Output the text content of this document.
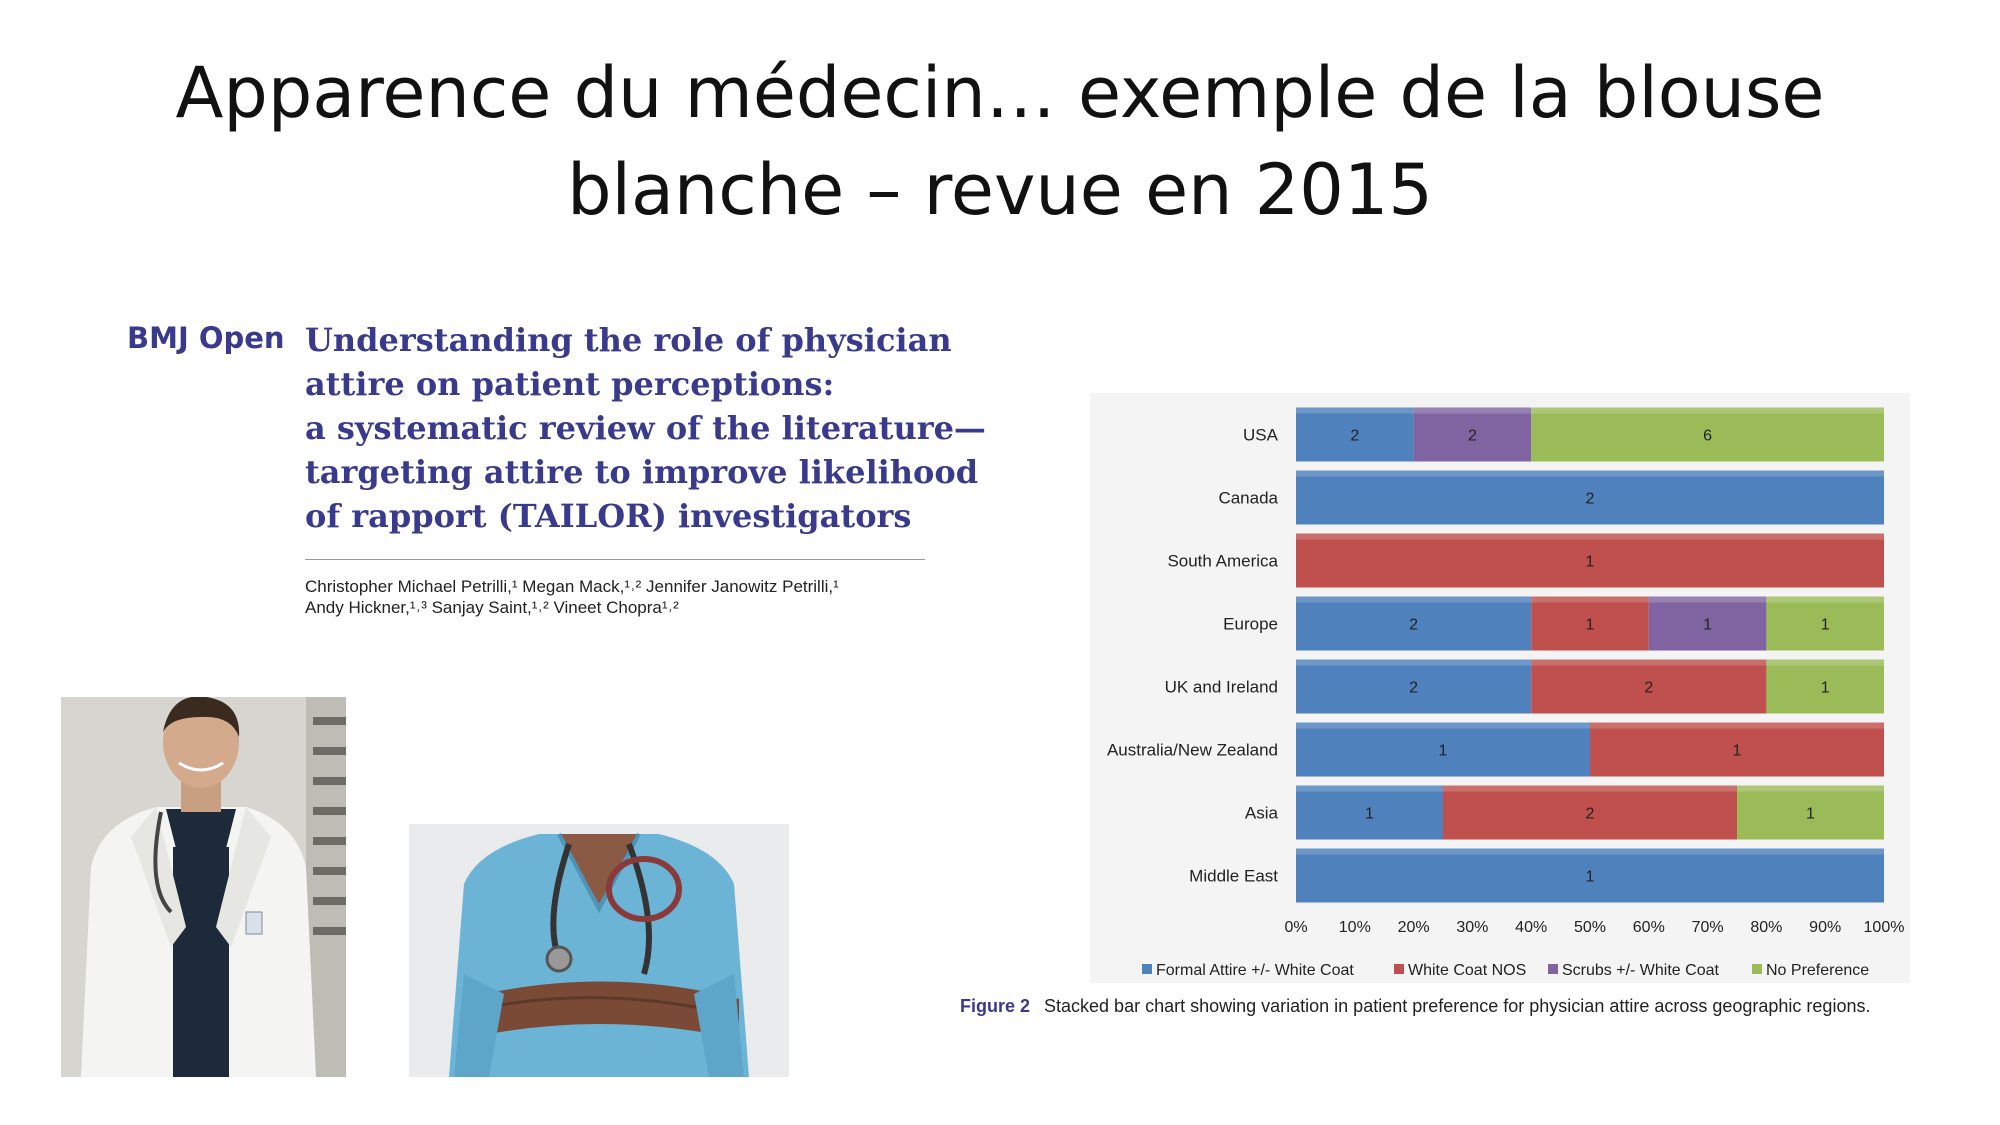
Apparence du médecin… exemple de la blouse
blanche – revue en 2015
BMJ Open Understanding the role of physician
attire on patient perceptions:
a systematic review of the literature—
targeting attire to improve likelihood
of rapport (TAILOR) investigators
Christopher Michael Petrilli,¹ Megan Mack,¹˒² Jennifer Janowitz Petrilli,¹
Andy Hickner,¹˒³ Sanjay Saint,¹˒² Vineet Chopra¹˒²
USA	2	2	6
Canada	2
South America	1
Europe	2	1	1	1
UK and Ireland	2	2	1
Australia/New Zealand	1	1
Asia	1	2	1
Middle East	1
0% 10% 20% 30% 40% 50% 60% 70% 80% 90% 100%
Formal Attire +/- White Coat	White Coat NOS Scrubs +/- White Coat	No Preference
Figure 2 Stacked bar chart showing variation in patient preference for physician attire across geographic regions.
